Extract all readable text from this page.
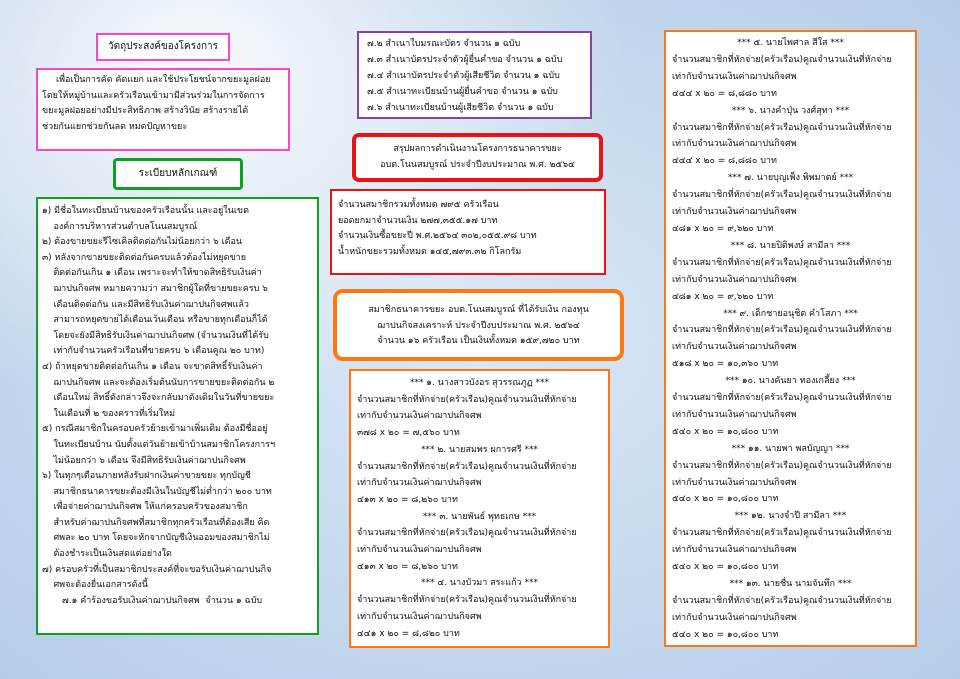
วัตถุประสงค์ของโครงการ
เพื่อเป็นการคัด คัดแยก และใช้ประโยชน์จากขยะมูลฝอย
โดยให้หมู่บ้านและครัวเรือนเข้ามามีส่วนร่วมในการจัดการ
ขยะมูลฝอยอย่างมีประสิทธิภาพ สร้างวินัย สร้างรายได้
ช่วยกันแยกช่วยกันลด หมดปัญหาขยะ
ระเบียบหลักเกณฑ์
๑) มีชื่อในทะเบียนบ้านของครัวเรือนนั้น และอยู่ในเขต
องค์การบริหารส่วนตำบลโนนสมบูรณ์
๒) ต้องขายขยะรีไซเคิลติดต่อกันไม่น้อยกว่า ๖ เดือน
๓) หลังจากขายขยะติดต่อกันครบแล้วต้องไม่หยุดขาย
ติดต่อกันเกิน ๑ เดือน เพราะจะทำให้ขาดสิทธิรับเงินค่า
ฌาปนกิจศพ หมายความว่า สมาชิกผู้ใดที่ขายขยะครบ ๖
เดือนติดต่อกัน และมีสิทธิรับเงินค่าฌาปนกิจศพแล้ว
สามารถหยุดขายได้เดือนเว้นเดือน หรือขายทุกเดือนก็ได้
โดยจะยังมีสิทธิรับเงินค่าฌาปนกิจศพ (จำนวนเงินที่ได้รับ
เท่ากับจำนวนครัวเรือนที่ขายครบ ๖ เดือนคูณ ๒๐ บาท)
๔) ถ้าหยุดขายติดต่อกันเกิน ๑ เดือน จะขาดสิทธิ์รับเงินค่า
ฌาปนกิจศพ และจะต้องเริ่มต้นนับการขายขยะติดต่อกัน ๒
เดือนใหม่ สิทธิ์ดังกล่าวจึงจะกลับมาดังเดิมในวันที่ขายขยะ
ในเดือนที่ ๒ ของคราวที่เริ่มใหม่
๕) กรณีสมาชิกในครอบครัวย้ายเข้ามาเพิ่มเติม ต้องมีชื่ออยู่
ในทะเบียนบ้าน นับตั้งแต่วันย้ายเข้าบ้านสมาชิกโครงการฯ
ไม่น้อยกว่า ๖ เดือน จึงมีสิทธิรับเงินค่าฌาปนกิจศพ
๖) ในทุกๆเดือนภายหลังรับฝากเงินค่าขายขยะ ทุกบัญชี
สมาชิกธนาคารขยะต้องมีเงินในบัญชีไม่ต่ำกว่า ๒๐๐ บาท
เพื่อจ่ายค่าฌาปนกิจศพ ให้แก่ครอบครัวของสมาชิก
สำหรับค่าฌาปนกิจศพที่สมาชิกทุกครัวเรือนที่ต้องเสีย คิด
ศพละ ๒๐ บาท โดยจะหักจากบัญชีเงินออมของสมาชิกไม่
ต้องชำระเป็นเงินสดแต่อย่างใด
๗) ครอบครัวที่เป็นสมาชิกประสงค์ที่จะขอรับเงินค่าฌาปนกิจ
ศพจะต้องยื่นเอกสารดังนี้
๗.๑ คำร้องขอรับเงินค่าฌาปนกิจศพ  จำนวน ๑ ฉบับ
๗.๒ สำเนาใบมรณะบัตร จำนวน ๑ ฉบับ
๗.๓ สำเนาบัตรประจำตัวผู้ยื่นคำขอ จำนวน ๑ ฉบับ
๗.๔ สำเนาบัตรประจำตัวผู้เสียชีวิต จำนวน ๑ ฉบับ
๗.๕ สำเนาทะเบียนบ้านผู้ยื่นคำขอ จำนวน ๑ ฉบับ
๗.๖ สำเนาทะเบียนบ้านผู้เสียชีวิต จำนวน ๑ ฉบับ
สรุปผลการดำเนินงานโครงการธนาคารขยะ
อบต.โนนสมบูรณ์ ประจำปีงบประมาณ พ.ศ. ๒๕๖๔
จำนวนสมาชิกรวมทั้งหมด ๗๙๕ ครัวเรือน
ยอดยกมาจำนวนเงิน ๒๗๗,๓๕๕.๑๗ บาท
จำนวนเงินซื้อขยะปี พ.ศ.๒๕๖๔ ๓๐๒,๐๕๕.๙๘ บาท
น้ำหนักขยะรวมทั้งหมด ๑๔๕,๗๙๓.๓๒ กิโลกรัม
สมาชิกธนาคารขยะ อบต.โนนสมบูรณ์ ที่ได้รับเงิน กองทุน
ฌาปนกิจสงเคราะห์ ประจำปีงบประมาณ พ.ศ. ๒๕๖๔
จำนวน ๑๖ ครัวเรือน เป็นเงินทั้งหมด ๑๕๙,๗๒๐ บาท
*** ๑. นางสาวบังอร สุวรรณภูฏ ***
จำนวนสมาชิกที่หักจ่าย(ครัวเรือน)คูณจำนวนเงินที่หักจ่าย
เท่ากับจำนวนเงินค่าฌาปนกิจศพ
๓๗๘ x ๒๐ = ๗,๕๖๐ บาท
*** ๒. นายสมพร ผการศรี ***
จำนวนสมาชิกที่หักจ่าย(ครัวเรือน)คูณจำนวนเงินที่หักจ่าย
เท่ากับจำนวนเงินค่าฌาปนกิจศพ
๔๑๓ x ๒๐ = ๘,๒๖๐ บาท
*** ๓. นายพันธ์ พุทธเกษ ***
จำนวนสมาชิกที่หักจ่าย(ครัวเรือน)คูณจำนวนเงินที่หักจ่าย
เท่ากับจำนวนเงินค่าฌาปนกิจศพ
๔๑๓ x ๒๐ = ๘,๒๖๐ บาท
*** ๔. นางบัวมา สระแก้ว ***
จำนวนสมาชิกที่หักจ่าย(ครัวเรือน)คูณจำนวนเงินที่หักจ่าย
เท่ากับจำนวนเงินค่าฌาปนกิจศพ
๔๔๑ x ๒๐ = ๘,๘๒๐ บาท
*** ๕. นายไพศาล สีใส ***
จำนวนสมาชิกที่หักจ่าย(ครัวเรือน)คูณจำนวนเงินที่หักจ่าย
เท่ากับจำนวนเงินค่าฌาปนกิจศพ
๔๔๔ x ๒๐ = ๘,๘๘๐ บาท
*** ๖. นางคำปุ่น วงศ์สุทา ***
จำนวนสมาชิกที่หักจ่าย(ครัวเรือน)คูณจำนวนเงินที่หักจ่าย
เท่ากับจำนวนเงินค่าฌาปนกิจศพ
๔๔๔ x ๒๐ = ๘,๘๘๐ บาท
*** ๗. นายบุญเพ็ง พิพมาตย์ ***
จำนวนสมาชิกที่หักจ่าย(ครัวเรือน)คูณจำนวนเงินที่หักจ่าย
เท่ากับจำนวนเงินค่าฌาปนกิจศพ
๔๘๑ x ๒๐ = ๙,๖๒๐ บาท
*** ๘. นายปิติพงษ์ สามีลา ***
จำนวนสมาชิกที่หักจ่าย(ครัวเรือน)คูณจำนวนเงินที่หักจ่าย
เท่ากับจำนวนเงินค่าฌาปนกิจศพ
๔๘๑ x ๒๐ = ๙,๖๒๐ บาท
*** ๙. เด็กชายอนุชิต คำโสภา ***
จำนวนสมาชิกที่หักจ่าย(ครัวเรือน)คูณจำนวนเงินที่หักจ่าย
เท่ากับจำนวนเงินค่าฌาปนกิจศพ
๕๑๘ x ๒๐ = ๑๐,๓๖๐ บาท
*** ๑๐. นางคันยา ทองเกลี้ยง ***
จำนวนสมาชิกที่หักจ่าย(ครัวเรือน)คูณจำนวนเงินที่หักจ่าย
เท่ากับจำนวนเงินค่าฌาปนกิจศพ
๕๔๐ x ๒๐ = ๑๐,๘๐๐ บาท
*** ๑๑. นายพา พลบัญญา ***
จำนวนสมาชิกที่หักจ่าย(ครัวเรือน)คูณจำนวนเงินที่หักจ่าย
เท่ากับจำนวนเงินค่าฌาปนกิจศพ
๕๔๐ x ๒๐ = ๑๐,๘๐๐ บาท
*** ๑๒. นางจำปี สามีลา ***
จำนวนสมาชิกที่หักจ่าย(ครัวเรือน)คูณจำนวนเงินที่หักจ่าย
เท่ากับจำนวนเงินค่าฌาปนกิจศพ
๕๔๐ x ๒๐ = ๑๐,๘๐๐ บาท
*** ๑๓. นายชื่น นามจันทึก ***
จำนวนสมาชิกที่หักจ่าย(ครัวเรือน)คูณจำนวนเงินที่หักจ่าย
เท่ากับจำนวนเงินค่าฌาปนกิจศพ
๕๔๐ x ๒๐ = ๑๐,๘๐๐ บาท
